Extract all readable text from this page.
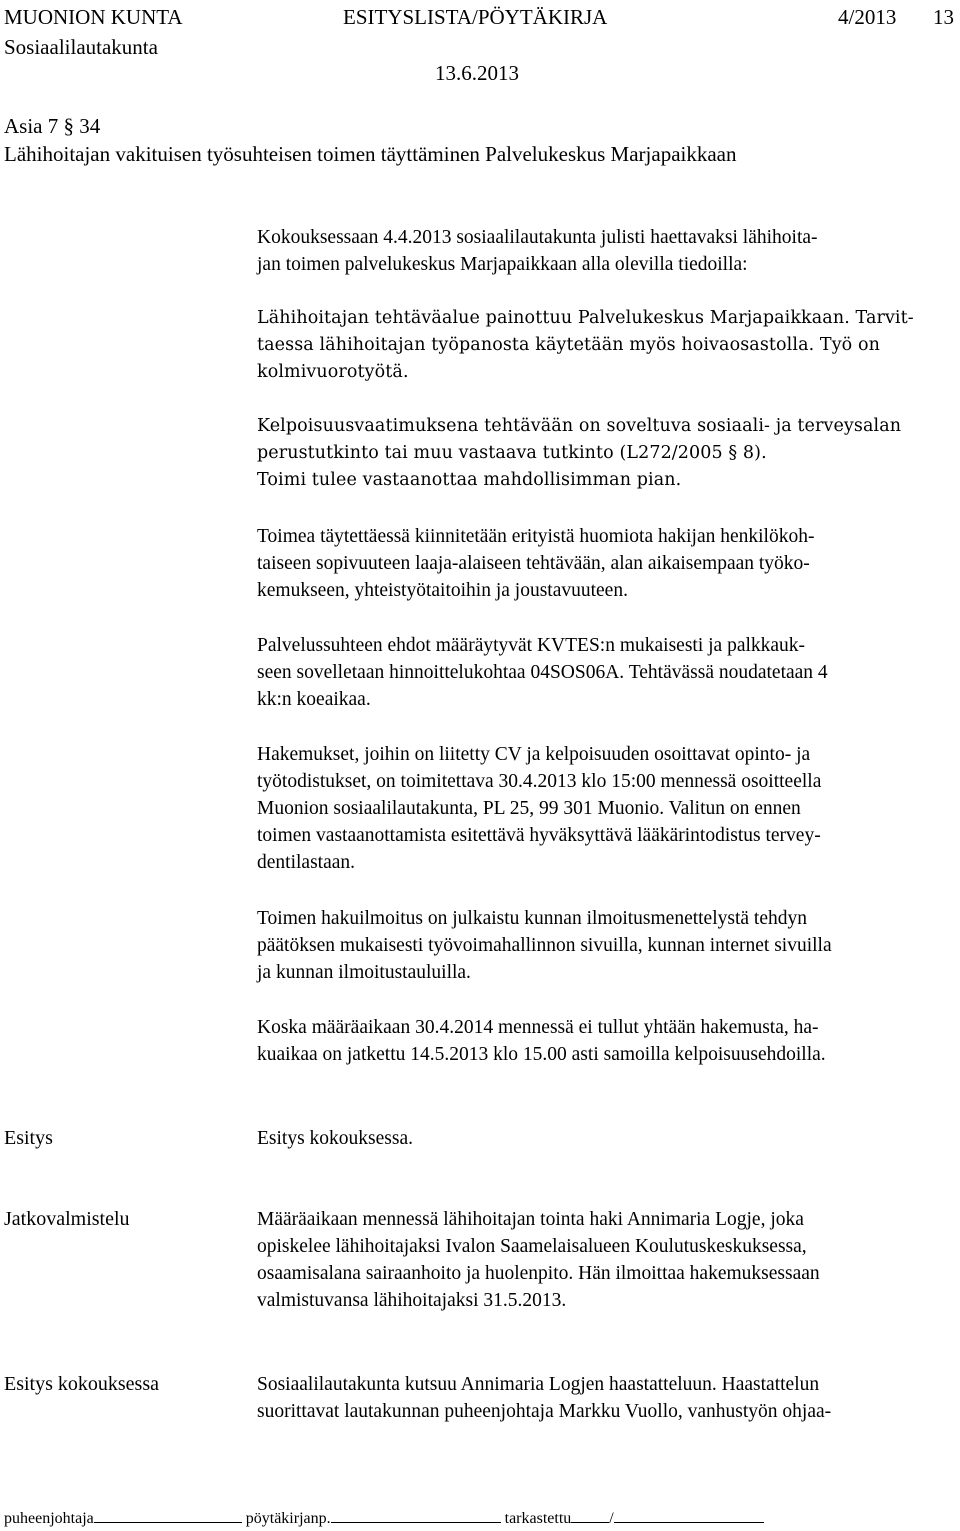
MUONION KUNTA	ESITYSLISTA/PÖYTÄKIRJA	4/2013 13
Sosiaalilautakunta
13.6.2013
Asia 7 § 34
Lähihoitajan vakituisen työsuhteisen toimen täyttäminen Palvelukeskus Marjapaikkaan
Kokouksessaan 4.4.2013 sosiaalilautakunta julisti haettavaksi lähihoita-
jan toimen palvelukeskus Marjapaikkaan alla olevilla tiedoilla:
Lähihoitajan tehtäväalue painottuu Palvelukeskus Marjapaikkaan. Tarvit-
taessa lähihoitajan työpanosta käytetään myös hoivaosastolla. Työ on
kolmivuorotyötä.
Kelpoisuusvaatimuksena tehtävään on soveltuva sosiaali- ja terveysalan
perustutkinto tai muu vastaava tutkinto (L272/2005 § 8).
Toimi tulee vastaanottaa mahdollisimman pian.
Toimea täytettäessä kiinnitetään erityistä huomiota hakijan henkilökoh-
taiseen sopivuuteen laaja-alaiseen tehtävään, alan aikaisempaan työko-
kemukseen, yhteistyötaitoihin ja joustavuuteen.
Palvelussuhteen ehdot määräytyvät KVTES:n mukaisesti ja palkkauk-
seen sovelletaan hinnoittelukohtaa 04SOS06A. Tehtävässä noudatetaan 4
kk:n koeaikaa.
Hakemukset, joihin on liitetty CV ja kelpoisuuden osoittavat opinto- ja
työtodistukset, on toimitettava 30.4.2013 klo 15:00 mennessä osoitteella
Muonion sosiaalilautakunta, PL 25, 99 301 Muonio. Valitun on ennen
toimen vastaanottamista esitettävä hyväksyttävä lääkärintodistus tervey-
dentilastaan.
Toimen hakuilmoitus on julkaistu kunnan ilmoitusmenettelystä tehdyn
päätöksen mukaisesti työvoimahallinnon sivuilla, kunnan internet sivuilla
ja kunnan ilmoitustauluilla.
Koska määräaikaan 30.4.2014 mennessä ei tullut yhtään hakemusta, ha-
kuaikaa on jatkettu 14.5.2013 klo 15.00 asti samoilla kelpoisuusehdoilla.
Esitys	Esitys kokouksessa.
Jatkovalmistelu	Määräaikaan mennessä lähihoitajan tointa haki Annimaria Logje, joka
opiskelee lähihoitajaksi Ivalon Saamelaisalueen Koulutuskeskuksessa,
osaamisalana sairaanhoito ja huolenpito. Hän ilmoittaa hakemuksessaan
valmistuvansa lähihoitajaksi 31.5.2013.
Esitys kokouksessa	Sosiaalilautakunta kutsuu Annimaria Logjen haastatteluun. Haastattelun
suorittavat lautakunnan puheenjohtaja Markku Vuollo, vanhustyön ohjaa-
puheenjohtaja	pöytäkirjanp.	tarkastettu /
